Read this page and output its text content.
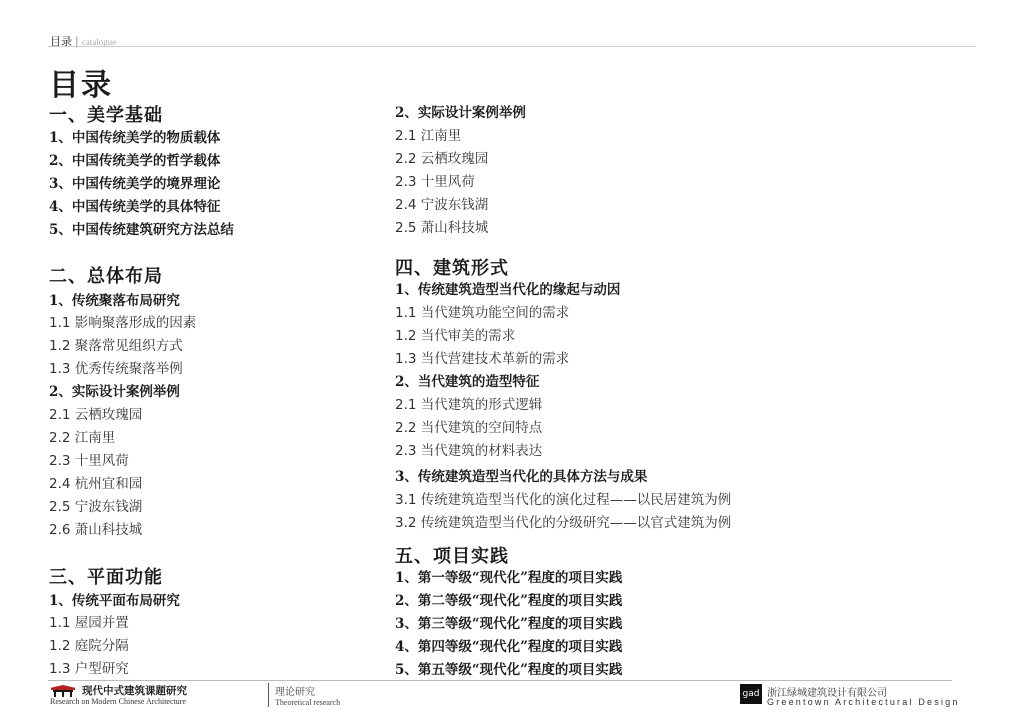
目录 | catalogue
目录
一、美学基础
1、中国传统美学的物质载体
2、中国传统美学的哲学载体
3、中国传统美学的境界理论
4、中国传统美学的具体特征
5、中国传统建筑研究方法总结
二、总体布局
1、传统聚落布局研究
1.1 影响聚落形成的因素
1.2 聚落常见组织方式
1.3 优秀传统聚落举例
2、实际设计案例举例
2.1 云栖玫瑰园
2.2 江南里
2.3 十里风荷
2.4 杭州宜和园
2.5 宁波东钱湖
2.6 萧山科技城
三、平面功能
1、传统平面布局研究
1.1 屋园并置
1.2 庭院分隔
1.3 户型研究
2、实际设计案例举例
2.1 江南里
2.2 云栖玫瑰园
2.3 十里风荷
2.4 宁波东钱湖
2.5 萧山科技城
四、建筑形式
1、传统建筑造型当代化的缘起与动因
1.1 当代建筑功能空间的需求
1.2 当代审美的需求
1.3 当代营建技术革新的需求
2、当代建筑的造型特征
2.1 当代建筑的形式逻辑
2.2 当代建筑的空间特点
2.3 当代建筑的材料表达
3、传统建筑造型当代化的具体方法与成果
3.1 传统建筑造型当代化的演化过程——以民居建筑为例
3.2 传统建筑造型当代化的分级研究——以官式建筑为例
五、项目实践
1、第一等级“现代化”程度的项目实践
2、第二等级“现代化”程度的项目实践
3、第三等级“现代化”程度的项目实践
4、第四等级“现代化”程度的项目实践
5、第五等级“现代化”程度的项目实践
现代中式建筑课题研究
Research on Modern Chinese Architecture
理论研究
Theoretical research
gad 浙江绿城建筑设计有限公司
Greentown Architectural Design
